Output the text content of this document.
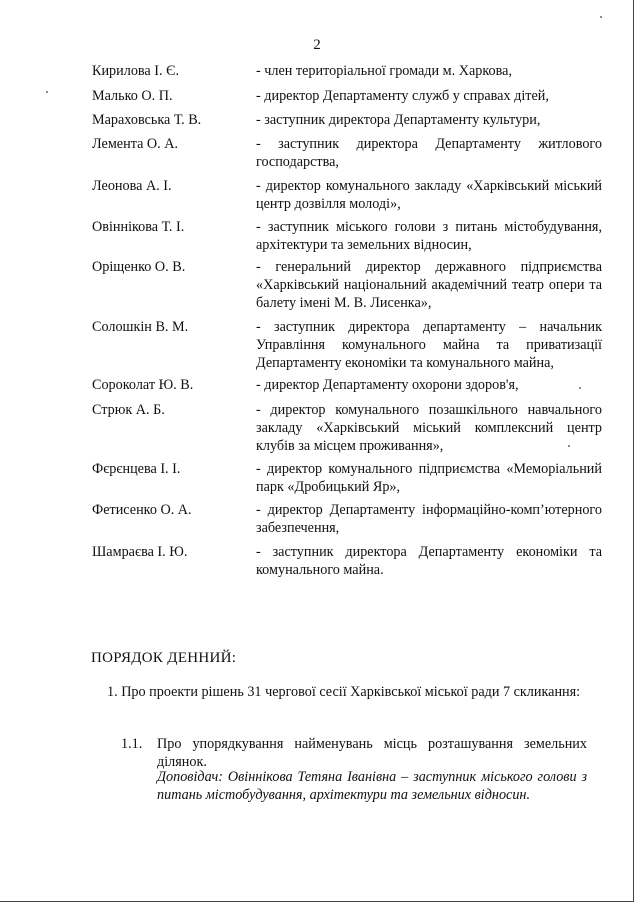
2
Кирилова І. Є.	- член територіальної громади м. Харкова,
Малько О. П.	- директор Департаменту служб у справах дітей,
Мараховська Т. В.	- заступник директора Департаменту культури,
Лемента О. А.	- заступник директора Департаменту житлового господарства,
Леонова А. І.	- директор комунального закладу «Харківський міський центр дозвілля молоді»,
Овіннікова Т. І.	- заступник міського голови з питань містобудування, архітектури та земельних відносин,
Оріщенко О. В.	- генеральний директор державного підприємства «Харківський національний академічний театр опери та балету імені М. В. Лисенка»,
Солошкін В. М.	- заступник директора департаменту – начальник Управління комунального майна та приватизації Департаменту економіки та комунального майна,
Сороколат Ю. В.	- директор Департаменту охорони здоров'я,
Стрюк А. Б.	- директор комунального позашкільного навчального закладу «Харківський міський комплексний центр клубів за місцем проживання»,
Фєрєнцева І. І.	- директор комунального підприємства «Меморіальний парк «Дробицький Яр»,
Фетисенко О. А.	- директор Департаменту інформаційно-комп’ютерного забезпечення,
Шамраєва І. Ю.	- заступник директора Департаменту економіки та комунального майна.
ПОРЯДОК ДЕННИЙ:
1. Про проекти рішень 31 чергової сесії Харківської міської ради 7 скликання:
1.1. Про упорядкування найменувань місць розташування земельних ділянок.
Доповідач: Овіннікова Тетяна Іванівна – заступник міського голови з питань містобудування, архітектури та земельних відносин.
